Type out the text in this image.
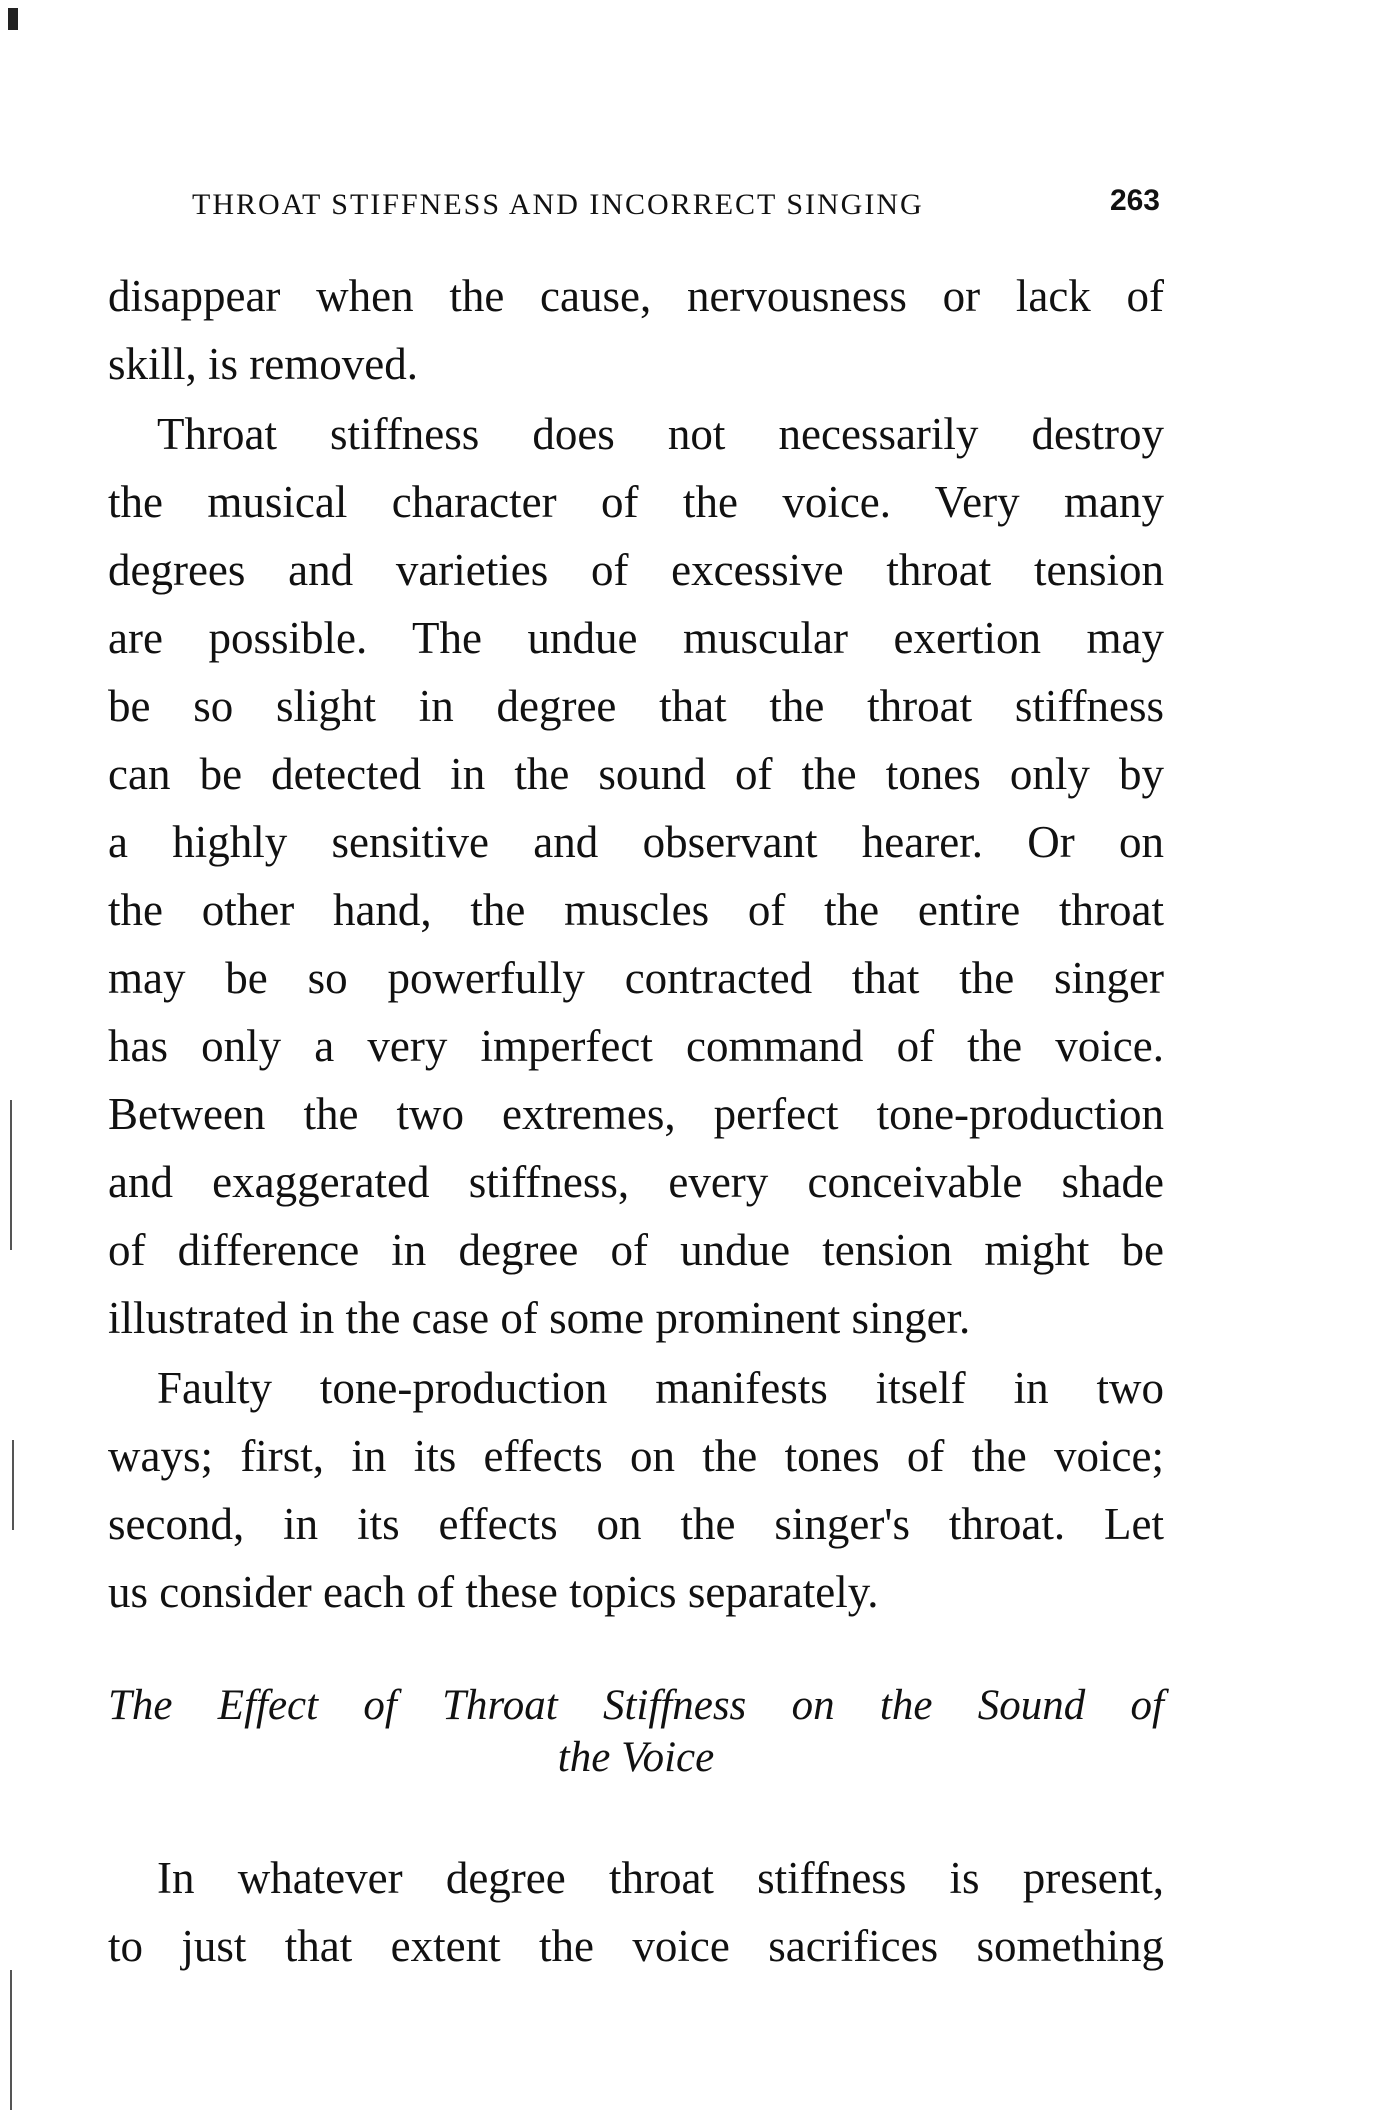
THROAT STIFFNESS AND INCORRECT SINGING	263
disappear when the cause, nervousness or lack of
skill, is removed.
Throat stiffness does not necessarily destroy
the musical character of the voice. Very many
degrees and varieties of excessive throat tension
are possible. The undue muscular exertion may
be so slight in degree that the throat stiffness
can be detected in the sound of the tones only by
a highly sensitive and observant hearer. Or on
the other hand, the muscles of the entire throat
may be so powerfully contracted that the singer
has only a very imperfect command of the voice.
Between the two extremes, perfect tone-production
and exaggerated stiffness, every conceivable shade
of difference in degree of undue tension might be
illustrated in the case of some prominent singer.
Faulty tone-production manifests itself in two
ways; first, in its effects on the tones of the voice;
second, in its effects on the singer's throat. Let
us consider each of these topics separately.
The Effect of Throat Stiffness on the Sound of
the Voice
In whatever degree throat stiffness is present,
to just that extent the voice sacrifices something
